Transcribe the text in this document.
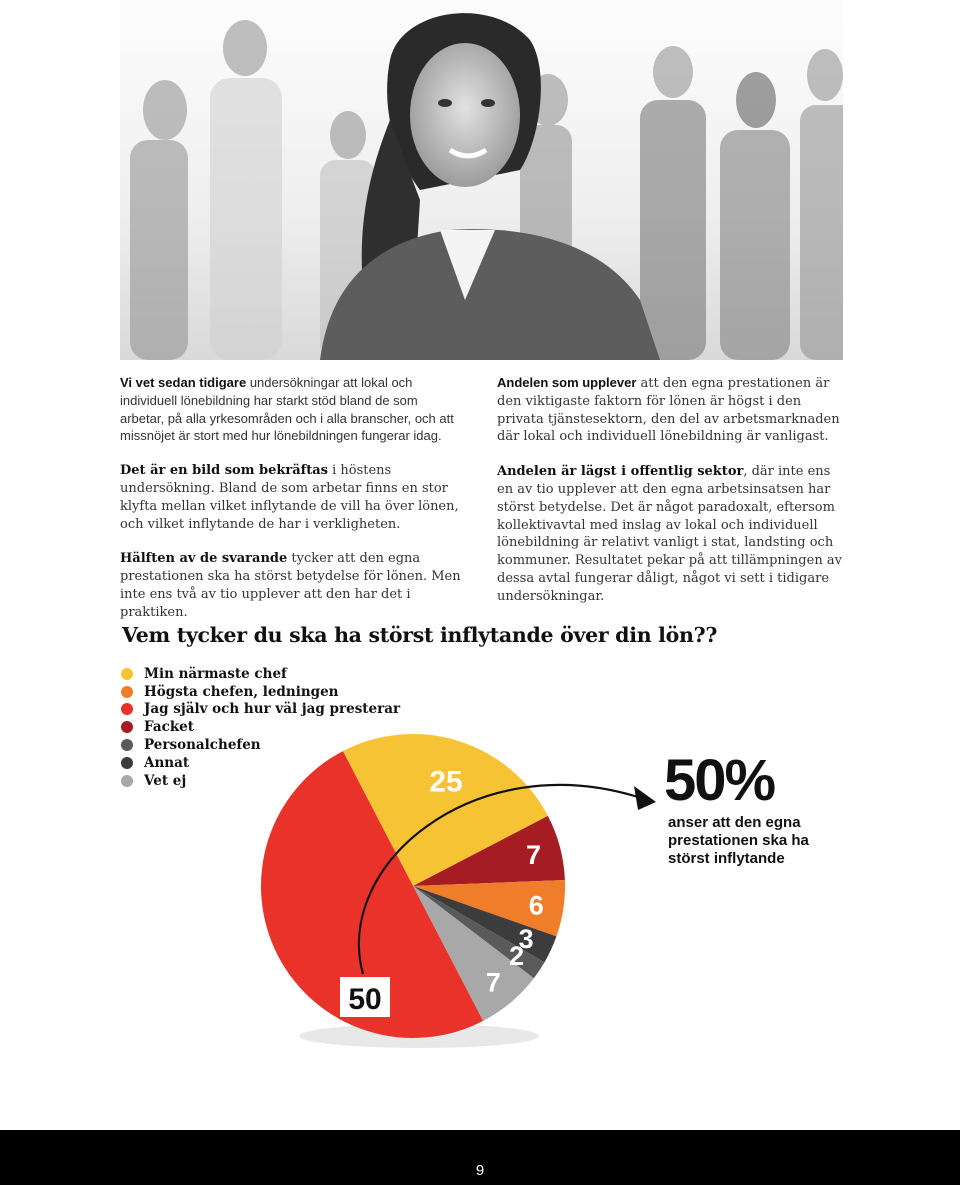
Vi vet sedan tidigare undersökningar att lokal och individuell lönebildning har starkt stöd bland de som arbetar, på alla yrkesområden och i alla branscher, och att missnöjet är stort med hur lönebildningen fungerar idag.

Det är en bild som bekräftas i höstens undersökning. Bland de som arbetar finns en stor klyfta mellan vilket inflytande de vill ha över lönen, och vilket inflytande de har i verkligheten.

Hälften av de svarande tycker att den egna prestationen ska ha störst betydelse för lönen. Men inte ens två av tio upplever att den har det i praktiken.

Andelen som upplever att den egna prestationen är den viktigaste faktorn för lönen är högst i den privata tjänstesektorn, den del av arbetsmarknaden där lokal och individuell lönebildning är vanligast.

Andelen är lägst i offentlig sektor, där inte ens en av tio upplever att den egna arbetsinsatsen har störst betydelse. Det är något paradoxalt, eftersom kollektivavtal med inslag av lokal och individuell lönebildning är relativt vanligt i stat, landsting och kommuner. Resultatet pekar på att tillämpningen av dessa avtal fungerar dåligt, något vi sett i tidigare undersökningar.

Vem tycker du ska ha störst inflytande över din lön??
Min närmaste chef
Högsta chefen, ledningen
Jag själv och hur väl jag presterar
Facket
Personalchefen
Annat
Vet ej	25
7
6
3
2
7
50
50%
anser att den egna prestationen ska ha störst inflytande
9
